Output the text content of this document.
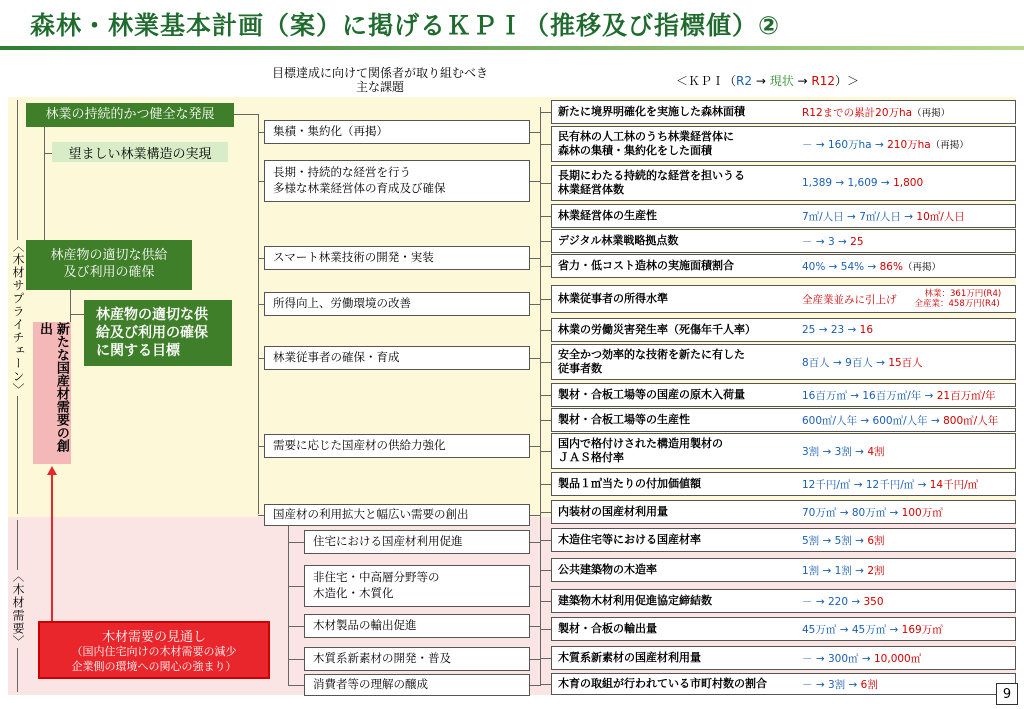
森林・林業基本計画（案）に掲げるＫＰＩ（推移及び指標値）②
目標達成に向けて関係者が取り組むべき
主な課題	＜ＫＰＩ（R2 → 現状 → R12）＞
〈木材サプライチェーン〉
〈木材需要〉
林業の持続的かつ健全な発展
望ましい林業構造の実現
林産物の適切な供給
及び利用の確保
林産物の適切な供
給及び利用の確保
に関する目標
新たな国産材需要の創出
木材需要の見通し
（国内住宅向けの木材需要の減少
企業側の環境への関心の強まり）
集積・集約化（再掲）
長期・持続的な経営を行う
多様な林業経営体の育成及び確保
スマート林業技術の開発・実装
所得向上、労働環境の改善
林業従事者の確保・育成
需要に応じた国産材の供給力強化
国産材の利用拡大と幅広い需要の創出
住宅における国産材利用促進
非住宅・中高層分野等の
木造化・木質化
木材製品の輸出促進
木質系新素材の開発・普及
消費者等の理解の醸成
新たに境界明確化を実施した森林面積	R12までの累計20万ha（再掲）
民有林の人工林のうち林業経営体に
森林の集積・集約化をした面積	－ → 160万ha → 210万ha（再掲）
長期にわたる持続的な経営を担いうる
林業経営体数	1,389 → 1,609 → 1,800
林業経営体の生産性	7㎥/人日 → 7㎥/人日 → 10㎥/人日
デジタル林業戦略拠点数	－ → 3 → 25
省力・低コスト造林の実施面積割合	40% → 54% → 86%（再掲）
林業従事者の所得水準	全産業並みに引上げ	林業：361万円(R4)
全産業：458万円(R4)
林業の労働災害発生率（死傷年千人率）	25 → 23 → 16
安全かつ効率的な技術を新たに有した
従事者数	8百人 → 9百人 → 15百人
製材・合板工場等の国産の原木入荷量	16百万㎥ → 16百万㎥/年 → 21百万㎥/年
製材・合板工場等の生産性	600㎥/人年 → 600㎥/人年 → 800㎥/人年
国内で格付けされた構造用製材の
ＪＡＳ格付率	3割 → 3割 → 4割
製品１㎥当たりの付加価値額	12千円/㎥ → 12千円/㎥ → 14千円/㎥
内装材の国産材利用量	70万㎥ → 80万㎥ → 100万㎥
木造住宅等における国産材率	5割 → 5割 → 6割
公共建築物の木造率	1割 → 1割 → 2割
建築物木材利用促進協定締結数	－ → 220 → 350
製材・合板の輸出量	45万㎥ → 45万㎥ → 169万㎥
木質系新素材の国産材利用量	－ → 300㎥ → 10,000㎥
木育の取組が行われている市町村数の割合	－ → 3割 → 6割
9
